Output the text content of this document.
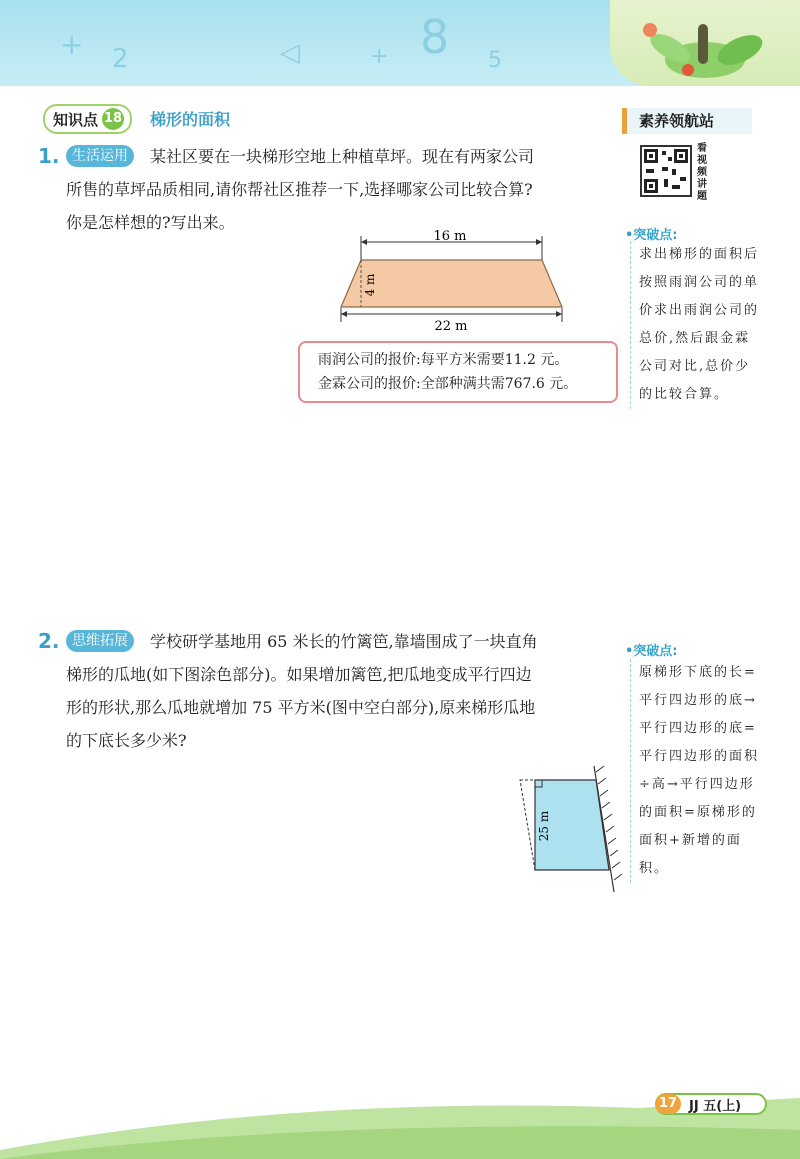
+ 2	◁	+ 8 5
知识点 18 梯形的面积	素养领航站
看视频讲题
•突破点:
求出梯形的面积后按照雨润公司的单价求出雨润公司的总价,然后跟金霖公司对比,总价少的比较合算。
•突破点:
原梯形下底的长=平行四边形的底→平行四边形的底=平行四边形的面积÷高→平行四边形的面积=原梯形的面积+新增的面积。
1. 生活运用	某社区要在一块梯形空地上种植草坪。现在有两家公司
所售的草坪品质相同,请你帮社区推荐一下,选择哪家公司比较合算?
你是怎样想的?写出来。
16 m
4 m
22 m
雨润公司的报价:每平方米需要11.2 元。
金霖公司的报价:全部种满共需767.6 元。
2. 思维拓展	学校研学基地用 65 米长的竹篱笆,靠墙围成了一块直角
梯形的瓜地(如下图涂色部分)。如果增加篱笆,把瓜地变成平行四边
形的形状,那么瓜地就增加 75 平方米(图中空白部分),原来梯形瓜地
的下底长多少米?
25 m
17 JJ 五(上)
